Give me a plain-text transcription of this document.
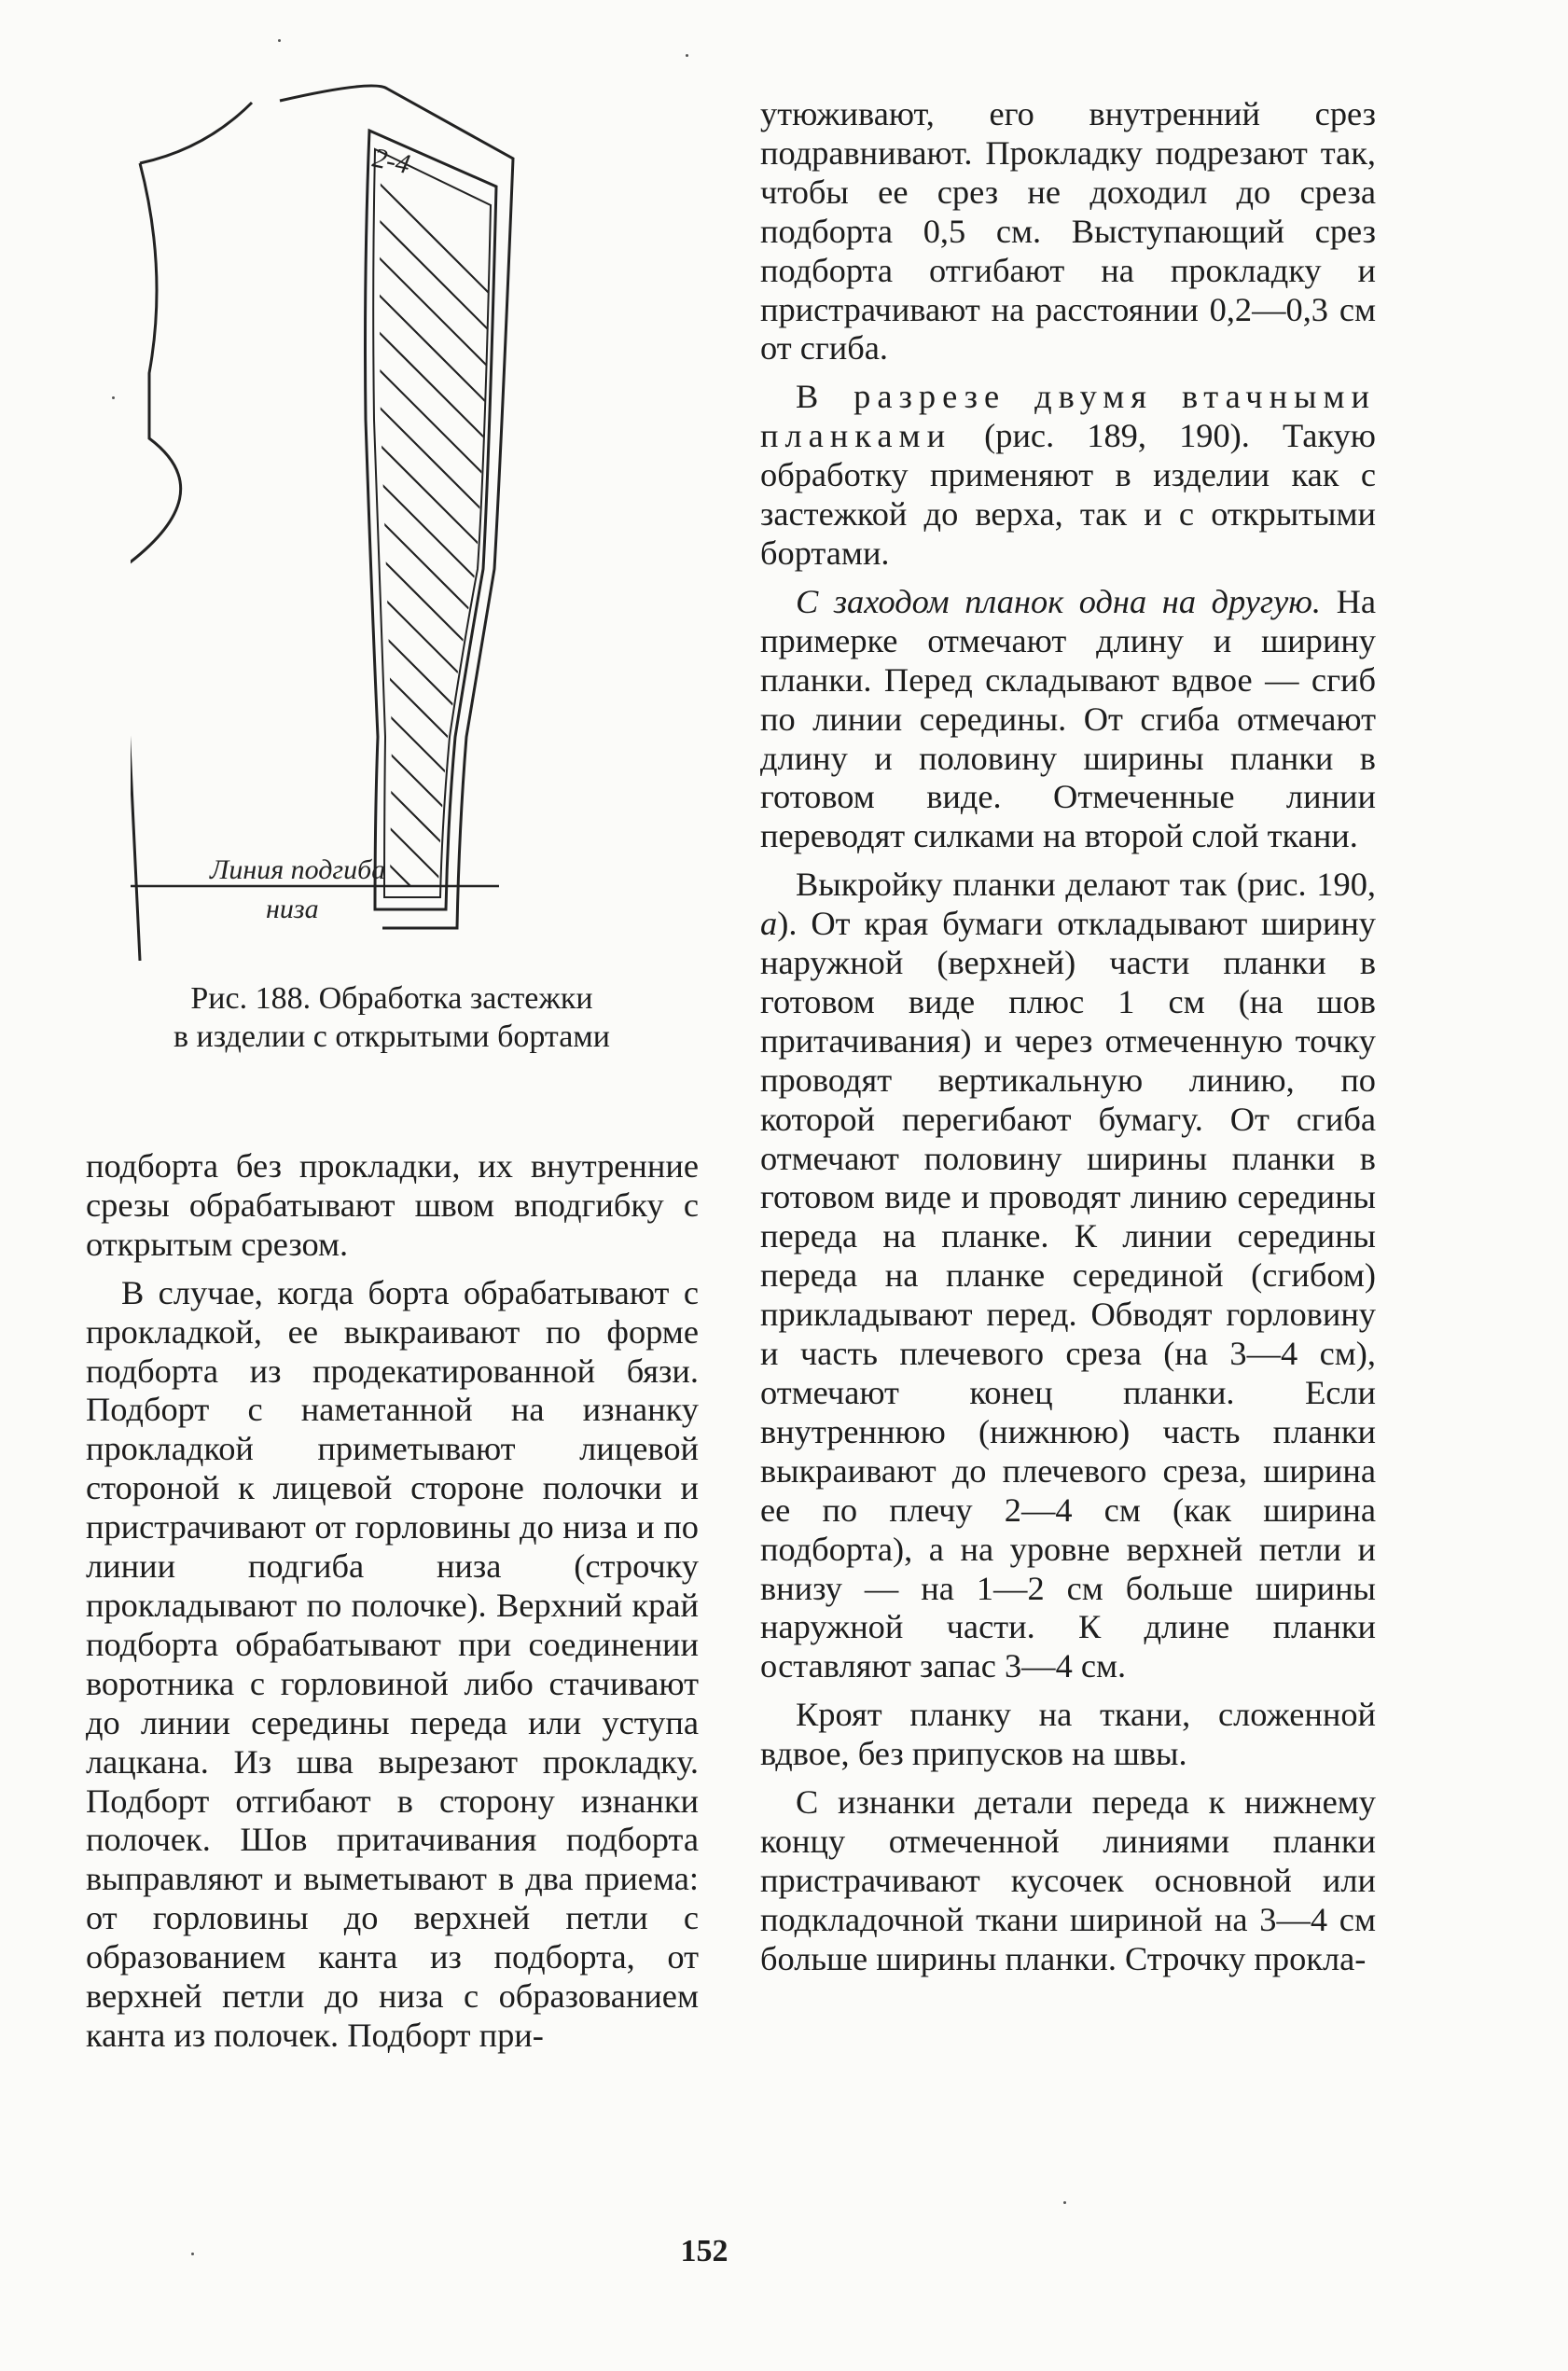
2-4
Линия подгиба
низа
Рис. 188. Обработка застежки
в изделии с открытыми бортами

подборта без прокладки, их внутренние срезы обрабатывают швом вподгибку с открытым срезом.

В случае, когда борта обрабатывают с прокладкой, ее выкраивают по форме подборта из продекатированной бязи. Подборт с наметанной на изнанку прокладкой приметывают лицевой стороной к лицевой стороне полочки и пристрачивают от горловины до низа и по линии подгиба низа (строчку прокладывают по полочке). Верхний край подборта обрабатывают при соединении воротника с горловиной либо стачивают до линии середины переда или уступа лацкана. Из шва вырезают прокладку. Подборт отгибают в сторону изнанки полочек. Шов притачивания подборта выправляют и выметывают в два приема: от горловины до верхней петли с образованием канта из подборта, от верхней петли до низа с образованием канта из полочек. Подборт при-

утюживают, его внутренний срез подравнивают. Прокладку подрезают так, чтобы ее срез не доходил до среза подборта 0,5 см. Выступающий срез подборта отгибают на прокладку и пристрачивают на расстоянии 0,2—0,3 см от сгиба.

В разрезе двумя втачными планками (рис. 189, 190). Такую обработку применяют в изделии как с застежкой до верха, так и с открытыми бортами.

С заходом планок одна на другую. На примерке отмечают длину и ширину планки. Перед складывают вдвое — сгиб по линии середины. От сгиба отмечают длину и половину ширины планки в готовом виде. Отмеченные линии переводят силками на второй слой ткани.

Выкройку планки делают так (рис. 190, а). От края бумаги откладывают ширину наружной (верхней) части планки в готовом виде плюс 1 см (на шов притачивания) и через отмеченную точку проводят вертикальную линию, по которой перегибают бумагу. От сгиба отмечают половину ширины планки в готовом виде и проводят линию середины переда на планке. К линии середины переда на планке серединой (сгибом) прикладывают перед. Обводят горловину и часть плечевого среза (на 3—4 см), отмечают конец планки. Если внутреннюю (нижнюю) часть планки выкраивают до плечевого среза, ширина ее по плечу 2—4 см (как ширина подборта), а на уровне верхней петли и внизу — на 1—2 см больше ширины наружной части. К длине планки оставляют запас 3—4 см.

Кроят планку на ткани, сложенной вдвое, без припусков на швы.

С изнанки детали переда к нижнему концу отмеченной линиями планки пристрачивают кусочек основной или подкладочной ткани шириной на 3—4 см больше ширины планки. Строчку прокла-

152
